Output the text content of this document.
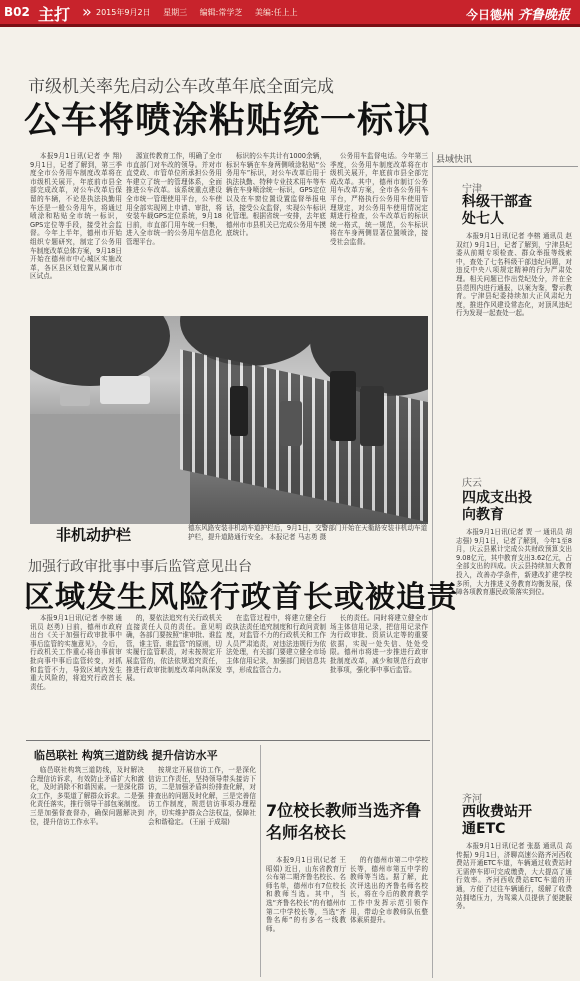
B02 主打 » 2015年9月2日 星期三 编辑:常学芝 美编:任上上	今日德州 齐鲁晚报
市级机关率先启动公车改革年底全面完成
公车将喷涂粘贴统一标识

本报9月1日讯(记者 李 翔) 9月1日，记者了解到，第三季度全市公务用车制度改革将在市级机关展开，年底前市县全部完成改革，对公车改革后保留的车辆，不论是执法执勤用车还是一般公务用车，将通过喷涂和粘贴全市统一标识，GPS定位等手段，接受社会监督。今年上半年，德州市开始组织专题研究，制定了公务用车制度改革总体方案，9月18日开始在德州市中心城区实施改革，各区县区划位置从属市市区试点。

源宣传教育工作，明确了全市市直部门对车改的领导。并对市直党政、市管单位所承担公务用车建立了统一的管理体系，全面推进公车改革。该系统重点建设全市统一管理使用平台，公车使用全部实现网上申请、审批，将安装车载GPS定位系统，9月18日前，市直部门用车统一归集，进入全市统一的公务用车信息化管理平台。

标识的公车共计有1000余辆，标识车辆在车身两侧喷涂粘贴“公务用车”标识，对公车改革后用于执法执勤、特种专业技术用车等车辆在车身喷涂统一标识，GPS定位以及在车窗位置设置监督举报电话，接受公众监督，实现公车标识化管理。根据省统一安排，去年底德州市市县机关已完成公务用车摸底统计。

公务用车监督电话。今年第三季度，公务用车制度改革将在市级机关展开，年底前市县全部完成改革。其中，德州市制订公务用车改革方案，全市各公务用车平台，严格执行公务用车使用管理规定，对公务用车使用情况定期进行检查，公车改革后的标识统一格式，统一规范，公车标识将在车身两侧显著位置喷涂，接受社会监督。

非机动护栏	德东风路安装非机动车道护栏后，9月1日，交警部门开始在天衢路安装非机动车道护栏，提升道路通行安全。 本报记者 马志勇 摄
县域快讯
宁津
科级干部查处七人

本报9月1日讯(记者 李榕 通讯员 赵双红) 9月1日，记者了解到，宁津县纪委从前期专项检查、群众举报等线索中，查处了七名科级干部违纪问题，对违反中央八项规定精神的行为严肃处理。相关问题已作出党纪处分，并在全县范围内进行通报，以案为鉴，警示教育。宁津县纪委持续加大正风肃纪力度，推进作风建设常态化，对顶风违纪行为发现一起查处一起。

庆云
四成支出投向教育

本报9月1日讯(记者 贾 一 通讯员 胡志强) 9月1日，记者了解到，今年1至8月，庆云县累计完成公共财政预算支出9.08亿元，其中教育支出3.62亿元，占全部支出的四成。庆云县持续加大教育投入，改善办学条件，新建改扩建学校多所，大力推进义务教育均衡发展，保障各项教育惠民政策落实到位。

齐河
西收费站开通ETC

本报9月1日讯(记者 张磊 通讯员 高传振) 9月1日，济聊高速公路齐河西收费站开通ETC车道，车辆通过收费站时无需停车即可完成缴费，大大提高了通行效率。齐河西收费站ETC车道的开通，方便了过往车辆通行，缓解了收费站拥堵压力，为驾乘人员提供了便捷服务。

加强行政审批事中事后监管意见出台
区域发生风险行政首长或被追责

本报9月1日讯(记者 李榕 通讯员 赵勇) 日前，德州市政府出台《关于加强行政审批事中事后监管的实施意见》，今后，行政机关工作重心将由事前审批向事中事后监管转变，对抓和监管不力，导致区域内发生重大风险的，将追究行政首长责任。

的，要依法追究有关行政机关直接责任人员的责任。意见明确，各部门要按照“谁审批、谁监管，谁主管、谁监管”的原则，切实履行监管职责，对未按规定开展监管的，依法依规追究责任，推进行政审批制度改革向纵深发展。

在监管过程中，将建立健全行政执法责任追究制度和行政问责制度，对监管不力的行政机关和工作人员严肃追责，对违法违规行为依法处理，有关部门要建立健全市场主体信用记录，加强部门间信息共享，形成监管合力。

长的责任。同时将建立健全市场主体信用记录，把信用记录作为行政审批、资质认定等的重要依据，实现一处失信、处处受限。德州市将进一步推进行政审批制度改革，减少和规范行政审批事项，强化事中事后监管。

临邑联社 构筑三道防线 提升信访水平

临邑联社构筑三道防线，及时解决合理信访诉求，有效防止矛盾扩大和激化，及时消除不和谐因素。一是深化群众工作，多渠道了解群众诉求。二是强化责任落实，推行领导干部包案制度。三是加强督查督办，确保问题解决到位，提升信访工作水平。

按规定开展信访工作，一是深化信访工作责任，坚持领导带头接访下访，二是加强矛盾纠纷排查化解，对排查出的问题及时化解，三是完善信访工作制度，规范信访事项办理程序，切实维护群众合法权益，保障社会和谐稳定。 (王丽 于成瑞)

7位校长教师当选齐鲁名师名校长

本报9月1日讯(记者 王昭娟) 近日，山东省教育厅公布第二期齐鲁名校长、名师名单，德州市有7位校长和教师当选。其中，当选“齐鲁名校长”的有德州市第二中学校长等，当选“齐鲁名师”的有多名一线教师。

的有德州市第二中学校长等，德州市第五中学的教师等当选。据了解，此次评选出的齐鲁名师名校长，将在今后的教育教学工作中发挥示范引领作用，带动全市教师队伍整体素质提升。
